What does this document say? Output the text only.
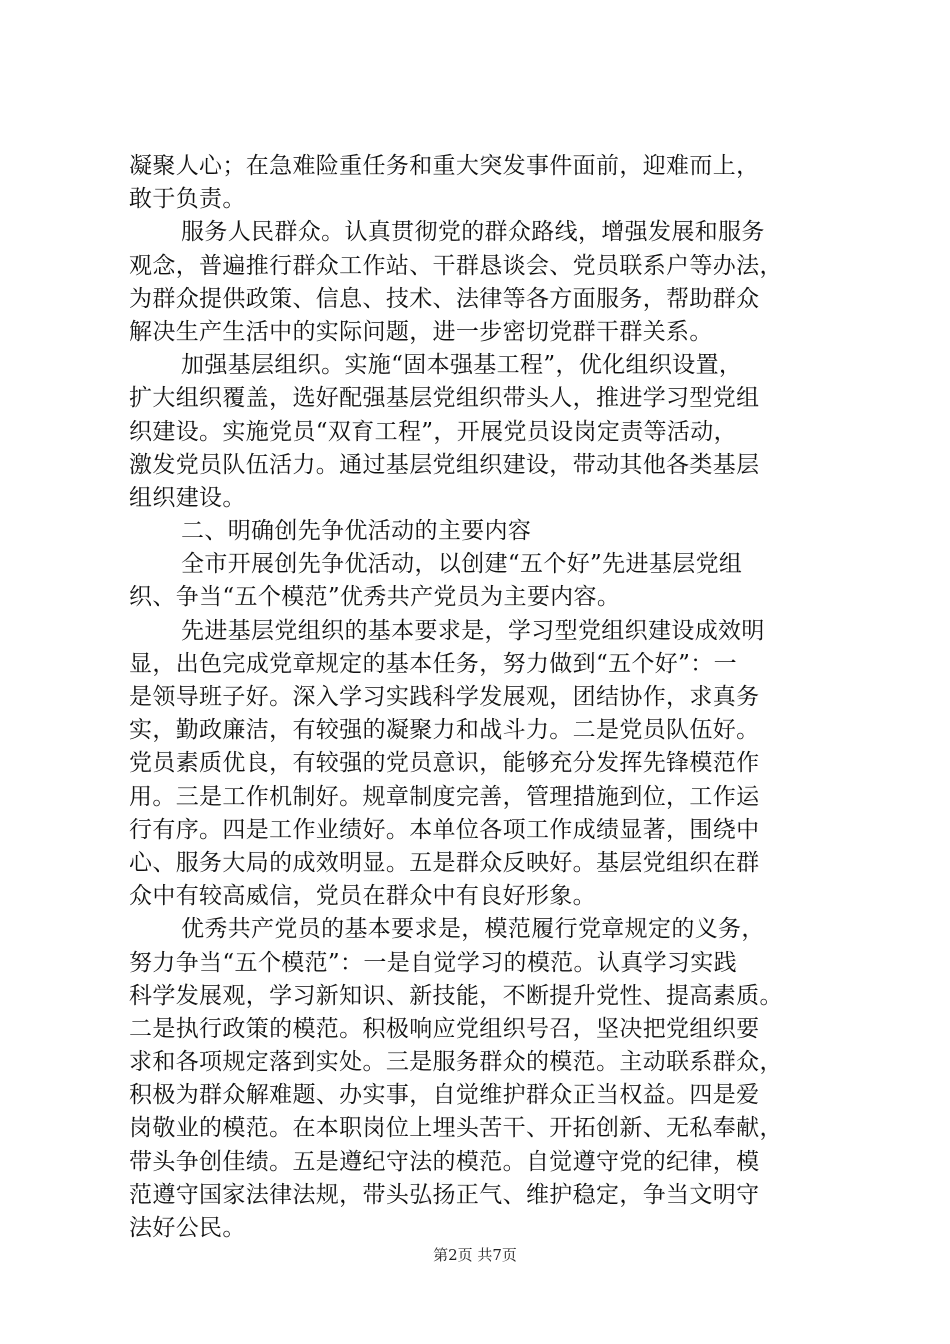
凝聚人心；在急难险重任务和重大突发事件面前，迎难而上，
敢于负责。
服务人民群众。认真贯彻党的群众路线，增强发展和服务
观念，普遍推行群众工作站、干群恳谈会、党员联系户等办法，
为群众提供政策、信息、技术、法律等各方面服务，帮助群众
解决生产生活中的实际问题，进一步密切党群干群关系。
加强基层组织。实施“固本强基工程”，优化组织设置，
扩大组织覆盖，选好配强基层党组织带头人，推进学习型党组
织建设。实施党员“双育工程”，开展党员设岗定责等活动，
激发党员队伍活力。通过基层党组织建设，带动其他各类基层
组织建设。
二、明确创先争优活动的主要内容
全市开展创先争优活动，以创建“五个好”先进基层党组
织、争当“五个模范”优秀共产党员为主要内容。
先进基层党组织的基本要求是，学习型党组织建设成效明
显，出色完成党章规定的基本任务，努力做到“五个好”：一
是领导班子好。深入学习实践科学发展观，团结协作，求真务
实，勤政廉洁，有较强的凝聚力和战斗力。二是党员队伍好。
党员素质优良，有较强的党员意识，能够充分发挥先锋模范作
用。三是工作机制好。规章制度完善，管理措施到位，工作运
行有序。四是工作业绩好。本单位各项工作成绩显著，围绕中
心、服务大局的成效明显。五是群众反映好。基层党组织在群
众中有较高威信，党员在群众中有良好形象。
优秀共产党员的基本要求是，模范履行党章规定的义务，
努力争当“五个模范”：一是自觉学习的模范。认真学习实践
科学发展观，学习新知识、新技能，不断提升党性、提高素质。
二是执行政策的模范。积极响应党组织号召，坚决把党组织要
求和各项规定落到实处。三是服务群众的模范。主动联系群众，
积极为群众解难题、办实事，自觉维护群众正当权益。四是爱
岗敬业的模范。在本职岗位上埋头苦干、开拓创新、无私奉献，
带头争创佳绩。五是遵纪守法的模范。自觉遵守党的纪律，模
范遵守国家法律法规，带头弘扬正气、维护稳定，争当文明守
法好公民。
第2页 共7页
